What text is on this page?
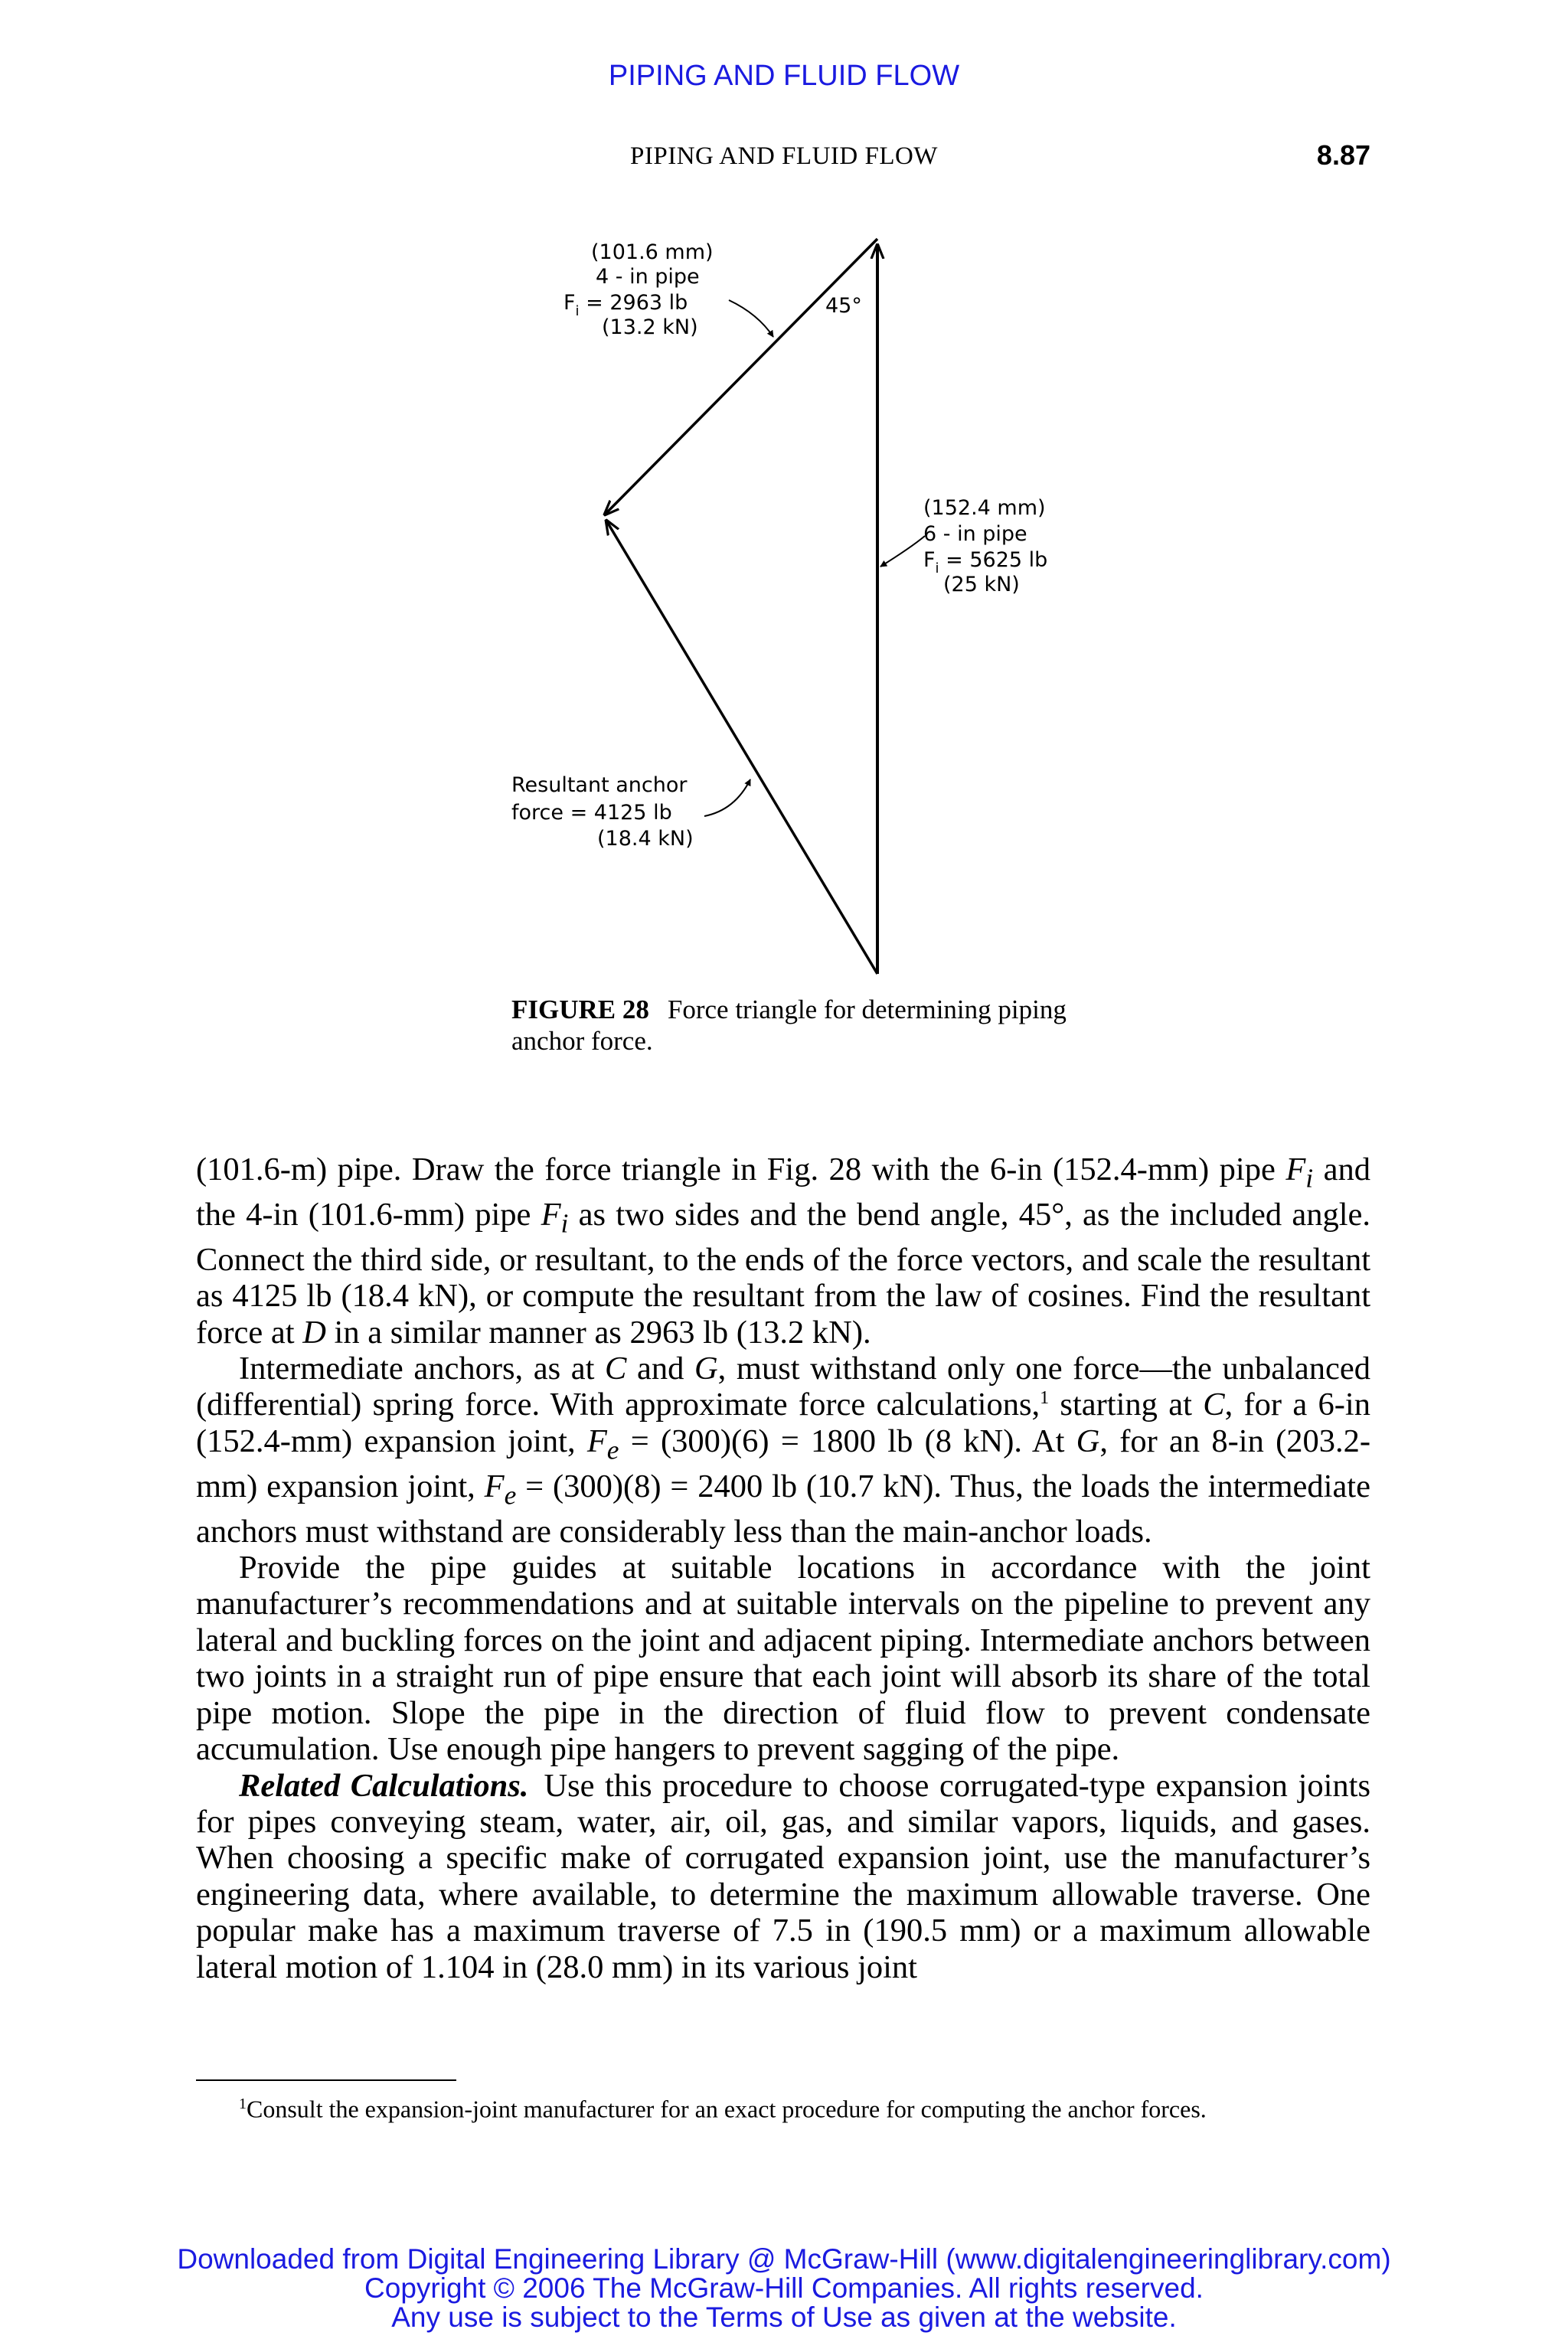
PIPING AND FLUID FLOW
PIPING AND FLUID FLOW	8.87
45°
(101.6 mm)
4 - in pipe
$F_i = 2963$ lb
(13.2 kN)
(152.4 mm)
6 - in pipe
$F_i = 5625$ lb
(25 kN)
Resultant anchor
force = 4125 lb
(18.4 kN)
FIGURE 28 Force triangle for determining piping anchor force.

(101.6-m) pipe. Draw the force triangle in Fig. 28 with the 6-in (152.4-mm) pipe $F_i$ and the 4-in (101.6-mm) pipe $F_i$ as two sides and the bend angle, 45°, as the included angle. Connect the third side, or resultant, to the ends of the force vectors, and scale the resultant as 4125 lb (18.4 kN), or compute the resultant from the law of cosines. Find the resultant force at D in a similar manner as 2963 lb (13.2 kN).

Intermediate anchors, as at C and G, must withstand only one force—the unbalanced (differential) spring force. With approximate force calculations,$^1$ starting at C, for a 6-in (152.4-mm) expansion joint, $F_e = (300)(6) = 1800$ lb (8 kN). At G, for an 8-in (203.2-mm) expansion joint, $F_e = (300)(8) = 2400$ lb (10.7 kN). Thus, the loads the intermediate anchors must withstand are considerably less than the main-anchor loads.

Provide the pipe guides at suitable locations in accordance with the joint manufacturer’s recommendations and at suitable intervals on the pipeline to prevent any lateral and buckling forces on the joint and adjacent piping. Intermediate anchors between two joints in a straight run of pipe ensure that each joint will absorb its share of the total pipe motion. Slope the pipe in the direction of fluid flow to prevent condensate accumulation. Use enough pipe hangers to prevent sagging of the pipe.

Related Calculations. Use this procedure to choose corrugated-type expansion joints for pipes conveying steam, water, air, oil, gas, and similar vapors, liquids, and gases. When choosing a specific make of corrugated expansion joint, use the manufacturer’s engineering data, where available, to determine the maximum allowable traverse. One popular make has a maximum traverse of 7.5 in (190.5 mm) or a maximum allowable lateral motion of 1.104 in (28.0 mm) in its various joint

$^1$Consult the expansion-joint manufacturer for an exact procedure for computing the anchor forces.
Downloaded from Digital Engineering Library @ McGraw-Hill (www.digitalengineeringlibrary.com)
Copyright © 2006 The McGraw-Hill Companies. All rights reserved.
Any use is subject to the Terms of Use as given at the website.
